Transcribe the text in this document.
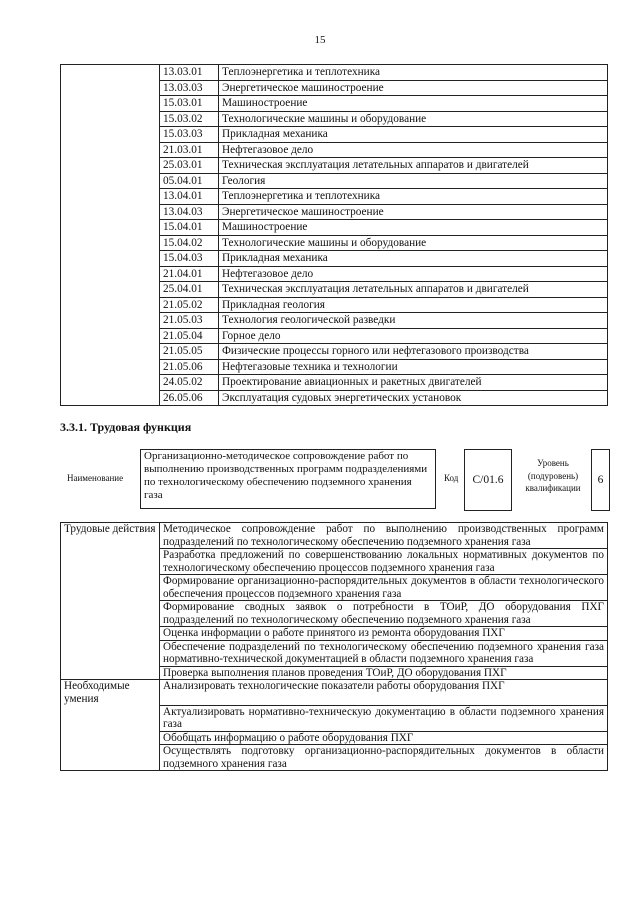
15
	13.03.01	Теплоэнергетика и теплотехника
	13.03.03	Энергетическое машиностроение
	15.03.01	Машиностроение
	15.03.02	Технологические машины и оборудование
	15.03.03	Прикладная механика
	21.03.01	Нефтегазовое дело
	25.03.01	Техническая эксплуатация летательных аппаратов и двигателей
	05.04.01	Геология
	13.04.01	Теплоэнергетика и теплотехника
	13.04.03	Энергетическое машиностроение
	15.04.01	Машиностроение
	15.04.02	Технологические машины и оборудование
	15.04.03	Прикладная механика
	21.04.01	Нефтегазовое дело
	25.04.01	Техническая эксплуатация летательных аппаратов и двигателей
	21.05.02	Прикладная геология
	21.05.03	Технология геологической разведки
	21.05.04	Горное дело
	21.05.05	Физические процессы горного или нефтегазового производства
	21.05.06	Нефтегазовые техника и технологии
	24.05.02	Проектирование авиационных и ракетных двигателей
	26.05.06	Эксплуатация судовых энергетических установок
3.3.1. Трудовая функция
Наименование
Организационно-методическое сопровождение работ по выполнению производственных программ подразделениями по технологическому обеспечению подземного хранения газа
Код C/01.6
Уровень (подуровень) квалификации
6
Трудовые действия	Методическое сопровождение работ по выполнению производственных программ подразделений по технологическому обеспечению подземного хранения газа
	Разработка предложений по совершенствованию локальных нормативных документов по технологическому обеспечению процессов подземного хранения газа
	Формирование организационно-распорядительных документов в области технологического обеспечения процессов подземного хранения газа
	Формирование сводных заявок о потребности в ТОиР, ДО оборудования ПХГ подразделений по технологическому обеспечению подземного хранения газа
	Оценка информации о работе принятого из ремонта оборудования ПХГ
	Обеспечение подразделений по технологическому обеспечению подземного хранения газа нормативно-технической документацией в области подземного хранения газа
	Проверка выполнения планов проведения ТОиР, ДО оборудования ПХГ
Необходимые умения	Анализировать технологические показатели работы оборудования ПХГ
	Актуализировать нормативно-техническую документацию в области подземного хранения газа
	Обобщать информацию о работе оборудования ПХГ
	Осуществлять подготовку организационно-распорядительных документов в области подземного хранения газа
